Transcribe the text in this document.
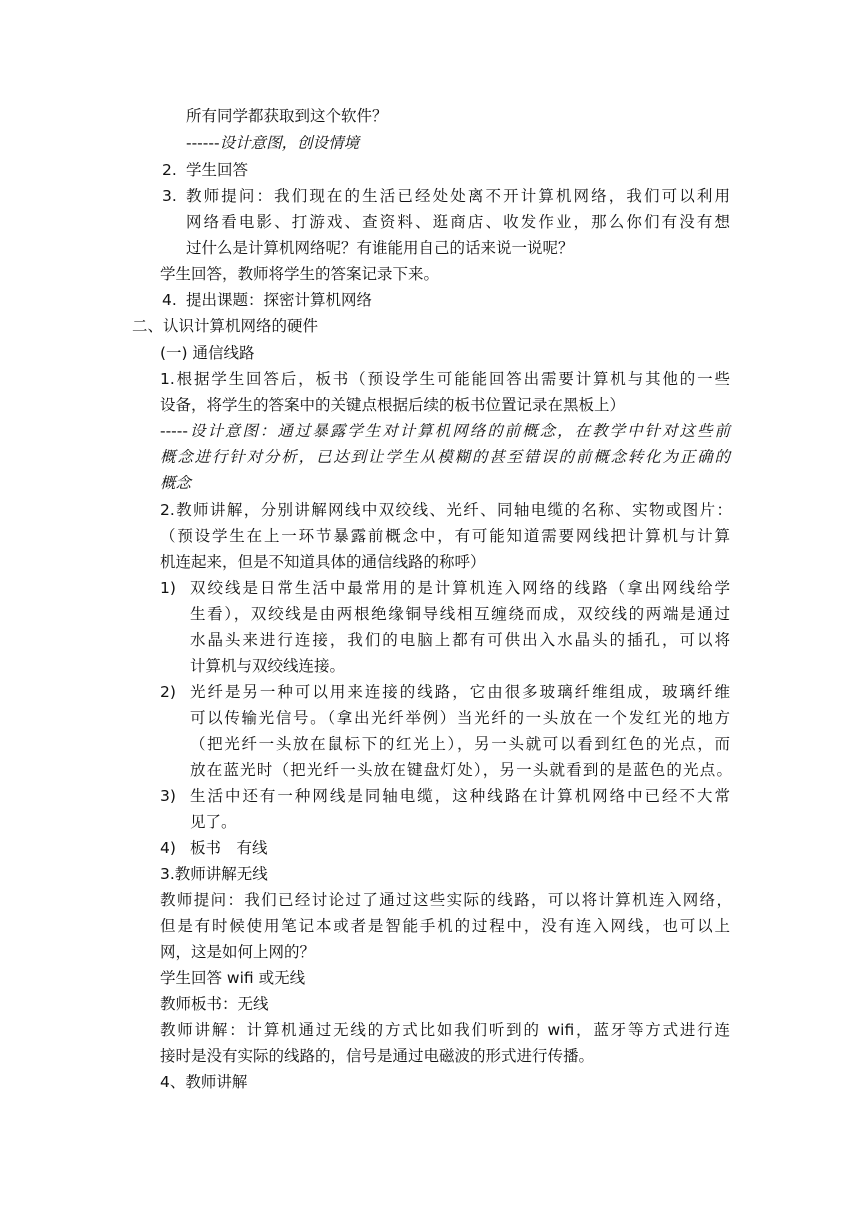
所有同学都获取到这个软件？
------设计意图，创设情境
2. 学生回答
3. 教师提问：我们现在的生活已经处处离不开计算机网络，我们可以利用
网络看电影、打游戏、查资料、逛商店、收发作业，那么你们有没有想
过什么是计算机网络呢？有谁能用自己的话来说一说呢？
学生回答，教师将学生的答案记录下来。
4. 提出课题：探密计算机网络
二、认识计算机网络的硬件
(一) 通信线路
1.根据学生回答后，板书（预设学生可能能回答出需要计算机与其他的一些
设备，将学生的答案中的关键点根据后续的板书位置记录在黑板上）
-----设计意图：通过暴露学生对计算机网络的前概念，在教学中针对这些前
概念进行针对分析，已达到让学生从模糊的甚至错误的前概念转化为正确的
概念
2.教师讲解，分别讲解网线中双绞线、光纤、同轴电缆的名称、实物或图片：
（预设学生在上一环节暴露前概念中，有可能知道需要网线把计算机与计算
机连起来，但是不知道具体的通信线路的称呼）
1) 双绞线是日常生活中最常用的是计算机连入网络的线路（拿出网线给学
生看），双绞线是由两根绝缘铜导线相互缠绕而成，双绞线的两端是通过
水晶头来进行连接，我们的电脑上都有可供出入水晶头的插孔，可以将
计算机与双绞线连接。
2) 光纤是另一种可以用来连接的线路，它由很多玻璃纤维组成，玻璃纤维
可以传输光信号。（拿出光纤举例）当光纤的一头放在一个发红光的地方
（把光纤一头放在鼠标下的红光上），另一头就可以看到红色的光点，而
放在蓝光时（把光纤一头放在键盘灯处），另一头就看到的是蓝色的光点。
3) 生活中还有一种网线是同轴电缆，这种线路在计算机网络中已经不大常
见了。
4) 板书　有线
3.教师讲解无线
教师提问：我们已经讨论过了通过这些实际的线路，可以将计算机连入网络，
但是有时候使用笔记本或者是智能手机的过程中，没有连入网线，也可以上
网，这是如何上网的？
学生回答 wifi 或无线
教师板书：无线
教师讲解：计算机通过无线的方式比如我们听到的 wifi，蓝牙等方式进行连
接时是没有实际的线路的，信号是通过电磁波的形式进行传播。
4、教师讲解
